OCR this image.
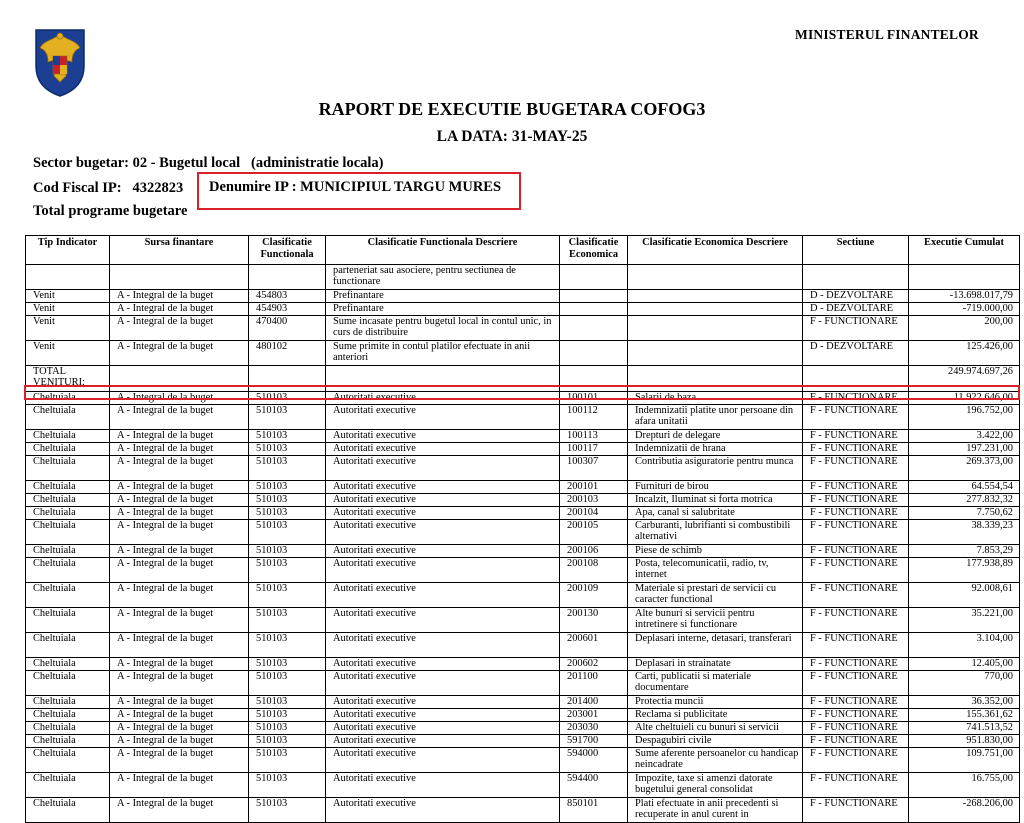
MINISTERUL FINANTELOR
RAPORT DE EXECUTIE BUGETARA COFOG3
LA DATA: 31-MAY-25
Sector bugetar: 02 - Bugetul local   (administratie locala)
Cod Fiscal IP:   4322823
Total programe bugetare
Denumire IP : MUNICIPIUL TARGU MURES
Tip Indicator	Sursa finantare	Clasificatie Functionala	Clasificatie Functionala Descriere	Clasificatie Economica	Clasificatie Economica Descriere	Sectiune	Executie Cumulat
			parteneriat sau asociere, pentru sectiunea de functionare				
Venit	A - Integral de la buget	454803	Prefinantare			D - DEZVOLTARE	-13.698.017,79
Venit	A - Integral de la buget	454903	Prefinantare			D - DEZVOLTARE	-719.000,00
Venit	A - Integral de la buget	470400	Sume incasate pentru bugetul local in contul unic, in curs de distribuire			F - FUNCTIONARE	200,00
Venit	A - Integral de la buget	480102	Sume primite in contul platilor efectuate in anii anteriori			D - DEZVOLTARE	125.426,00
TOTAL VENITURI:							249.974.697,26
Cheltuiala	A - Integral de la buget	510103	Autoritati executive	100101	Salarii de baza	F - FUNCTIONARE	11.922.646,00
Cheltuiala	A - Integral de la buget	510103	Autoritati executive	100112	Indemnizatii platite unor persoane din afara unitatii	F - FUNCTIONARE	196.752,00
Cheltuiala	A - Integral de la buget	510103	Autoritati executive	100113	Drepturi de delegare	F - FUNCTIONARE	3.422,00
Cheltuiala	A - Integral de la buget	510103	Autoritati executive	100117	Indemnizatii de hrana	F - FUNCTIONARE	197.231,00
Cheltuiala	A - Integral de la buget	510103	Autoritati executive	100307	Contributia asiguratorie pentru munca	F - FUNCTIONARE	269.373,00
Cheltuiala	A - Integral de la buget	510103	Autoritati executive	200101	Furnituri de birou	F - FUNCTIONARE	64.554,54
Cheltuiala	A - Integral de la buget	510103	Autoritati executive	200103	Incalzit, Iluminat si forta motrica	F - FUNCTIONARE	277.832,32
Cheltuiala	A - Integral de la buget	510103	Autoritati executive	200104	Apa, canal si salubritate	F - FUNCTIONARE	7.750,62
Cheltuiala	A - Integral de la buget	510103	Autoritati executive	200105	Carburanti, lubrifianti si combustibili alternativi	F - FUNCTIONARE	38.339,23
Cheltuiala	A - Integral de la buget	510103	Autoritati executive	200106	Piese de schimb	F - FUNCTIONARE	7.853,29
Cheltuiala	A - Integral de la buget	510103	Autoritati executive	200108	Posta, telecomunicatii, radio, tv, internet	F - FUNCTIONARE	177.938,89
Cheltuiala	A - Integral de la buget	510103	Autoritati executive	200109	Materiale si prestari de servicii cu caracter functional	F - FUNCTIONARE	92.008,61
Cheltuiala	A - Integral de la buget	510103	Autoritati executive	200130	Alte bunuri si servicii pentru intretinere si functionare	F - FUNCTIONARE	35.221,00
Cheltuiala	A - Integral de la buget	510103	Autoritati executive	200601	Deplasari interne, detasari, transferari	F - FUNCTIONARE	3.104,00
Cheltuiala	A - Integral de la buget	510103	Autoritati executive	200602	Deplasari in strainatate	F - FUNCTIONARE	12.405,00
Cheltuiala	A - Integral de la buget	510103	Autoritati executive	201100	Carti, publicatii si materiale documentare	F - FUNCTIONARE	770,00
Cheltuiala	A - Integral de la buget	510103	Autoritati executive	201400	Protectia muncii	F - FUNCTIONARE	36.352,00
Cheltuiala	A - Integral de la buget	510103	Autoritati executive	203001	Reclama si publicitate	F - FUNCTIONARE	155.361,62
Cheltuiala	A - Integral de la buget	510103	Autoritati executive	203030	Alte cheltuieli cu bunuri si servicii	F - FUNCTIONARE	741.513,52
Cheltuiala	A - Integral de la buget	510103	Autoritati executive	591700	Despagubiri civile	F - FUNCTIONARE	951.830,00
Cheltuiala	A - Integral de la buget	510103	Autoritati executive	594000	Sume aferente persoanelor cu handicap neincadrate	F - FUNCTIONARE	109.751,00
Cheltuiala	A - Integral de la buget	510103	Autoritati executive	594400	Impozite, taxe si amenzi datorate bugetului general consolidat	F - FUNCTIONARE	16.755,00
Cheltuiala	A - Integral de la buget	510103	Autoritati executive	850101	Plati efectuate in anii precedenti si recuperate in anul curent in	F - FUNCTIONARE	-268.206,00
